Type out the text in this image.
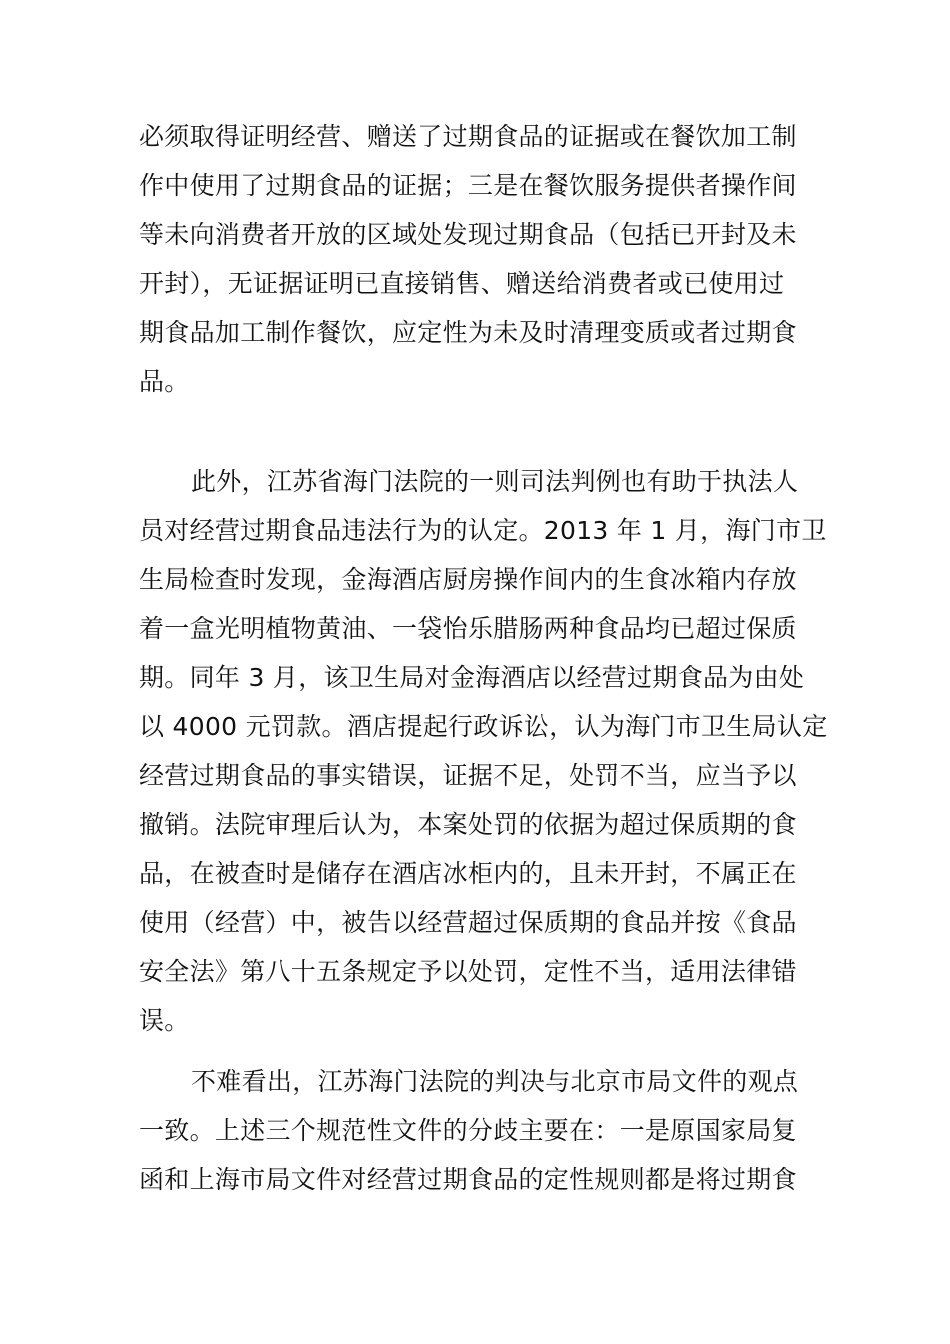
必须取得证明经营、赠送了过期食品的证据或在餐饮加工制
作中使用了过期食品的证据；三是在餐饮服务提供者操作间
等未向消费者开放的区域处发现过期食品（包括已开封及未
开封），无证据证明已直接销售、赠送给消费者或已使用过
期食品加工制作餐饮，应定性为未及时清理变质或者过期食
品。
此外，江苏省海门法院的一则司法判例也有助于执法人
员对经营过期食品违法行为的认定。2013 年 1 月，海门市卫
生局检查时发现，金海酒店厨房操作间内的生食冰箱内存放
着一盒光明植物黄油、一袋怡乐腊肠两种食品均已超过保质
期。同年 3 月，该卫生局对金海酒店以经营过期食品为由处
以 4000 元罚款。酒店提起行政诉讼，认为海门市卫生局认定
经营过期食品的事实错误，证据不足，处罚不当，应当予以
撤销。法院审理后认为，本案处罚的依据为超过保质期的食
品，在被查时是储存在酒店冰柜内的，且未开封，不属正在
使用（经营）中，被告以经营超过保质期的食品并按《食品
安全法》第八十五条规定予以处罚，定性不当，适用法律错
误。
不难看出，江苏海门法院的判决与北京市局文件的观点
一致。上述三个规范性文件的分歧主要在：一是原国家局复
函和上海市局文件对经营过期食品的定性规则都是将过期食
